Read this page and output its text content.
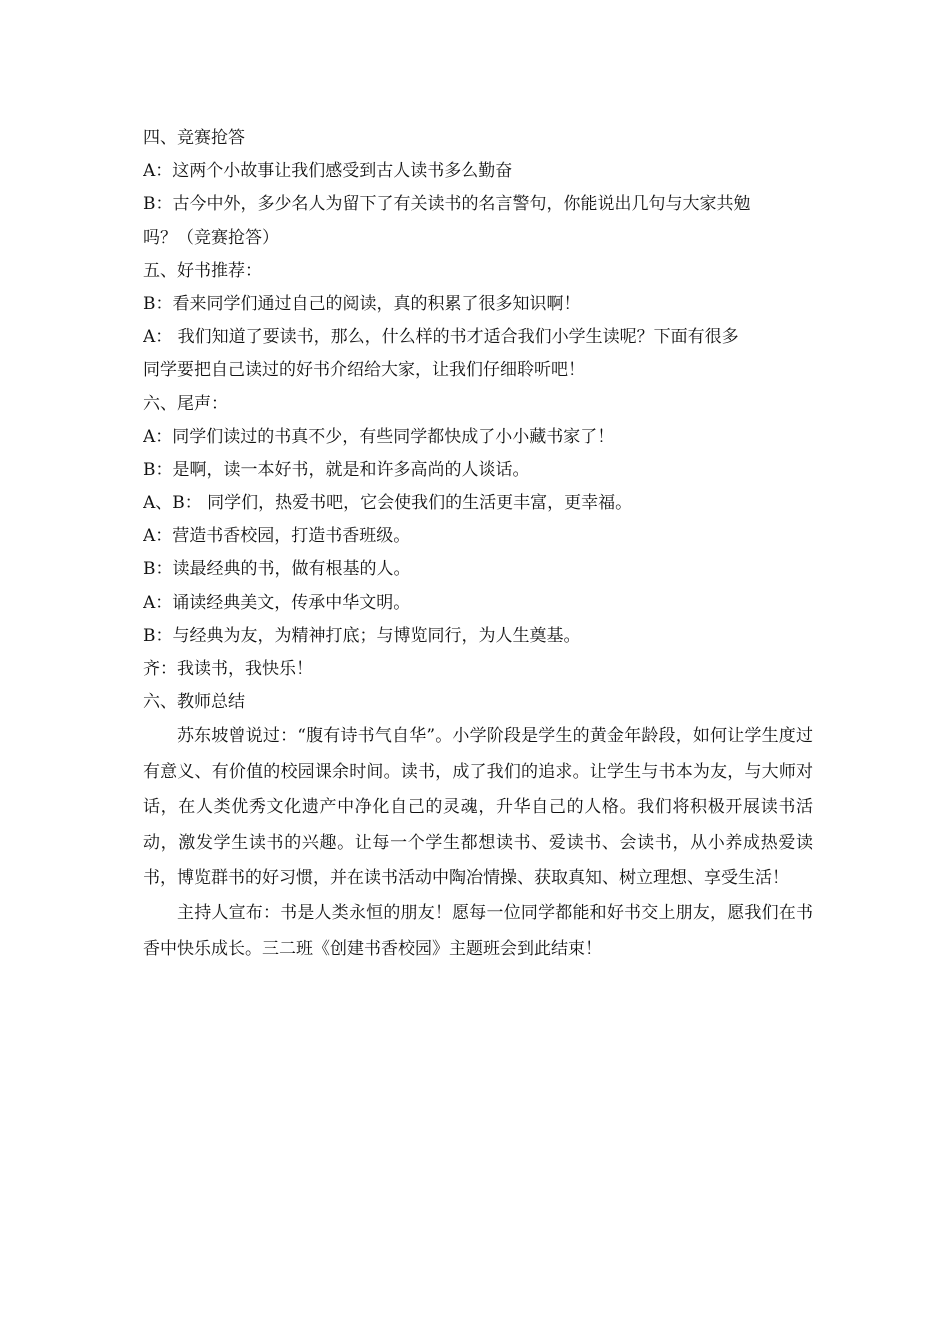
四、竞赛抢答
A：这两个小故事让我们感受到古人读书多么勤奋
B：古今中外，多少名人为留下了有关读书的名言警句，你能说出几句与大家共勉
吗？（竞赛抢答）
五、好书推荐：
B：看来同学们通过自己的阅读，真的积累了很多知识啊！
A： 我们知道了要读书，那么，什么样的书才适合我们小学生读呢？下面有很多
同学要把自己读过的好书介绍给大家，让我们仔细聆听吧！
六、尾声：
A：同学们读过的书真不少，有些同学都快成了小小藏书家了！
B：是啊，读一本好书，就是和许多高尚的人谈话。
A、B： 同学们，热爱书吧，它会使我们的生活更丰富，更幸福。
A：营造书香校园，打造书香班级。
B：读最经典的书，做有根基的人。
A：诵读经典美文，传承中华文明。
B：与经典为友，为精神打底；与博览同行，为人生奠基。
齐：我读书，我快乐！
六、教师总结

苏东坡曾说过：“腹有诗书气自华”。小学阶段是学生的黄金年龄段，如何让学生度过有意义、有价值的校园课余时间。读书，成了我们的追求。让学生与书本为友，与大师对话，在人类优秀文化遗产中净化自己的灵魂，升华自己的人格。我们将积极开展读书活动，激发学生读书的兴趣。让每一个学生都想读书、爱读书、会读书，从小养成热爱读书，博览群书的好习惯，并在读书活动中陶冶情操、获取真知、树立理想、享受生活！

主持人宣布：书是人类永恒的朋友！愿每一位同学都能和好书交上朋友，愿我们在书香中快乐成长。三二班《创建书香校园》主题班会到此结束！
